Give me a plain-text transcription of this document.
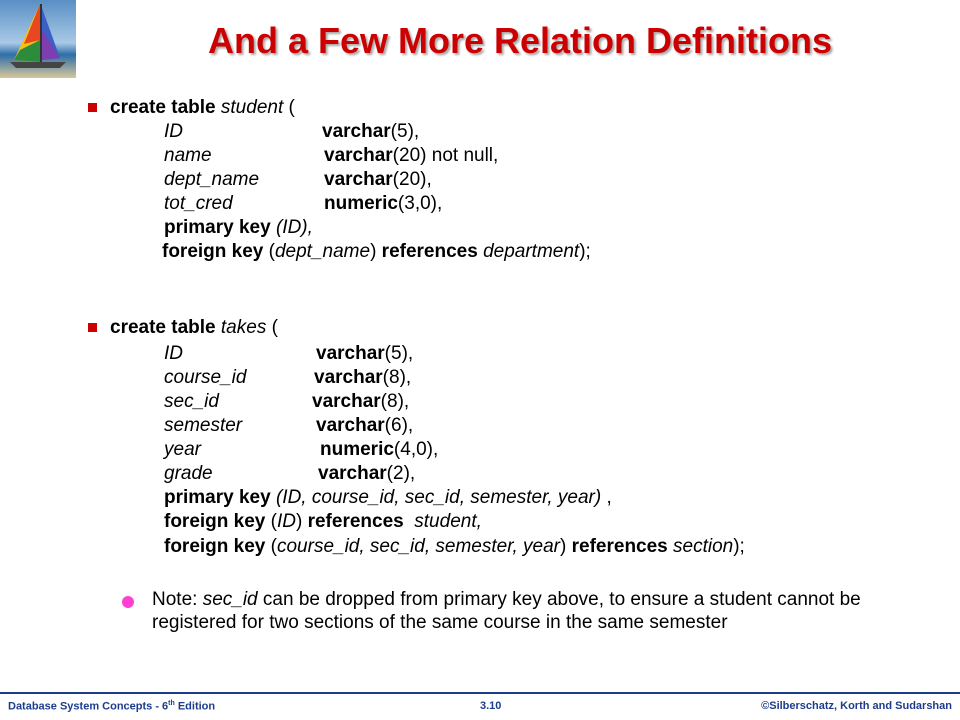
And a Few More Relation Definitions
create table student (
ID	varchar(5),
name	varchar(20) not null,
dept_name	varchar(20),
tot_cred	numeric(3,0),
primary key (ID),
foreign key (dept_name) references department);
create table takes (
ID	varchar(5),
course_id	varchar(8),
sec_id	varchar(8),
semester	varchar(6),
year	numeric(4,0),
grade	varchar(2),
primary key (ID, course_id, sec_id, semester, year) ,
foreign key (ID) references student,
foreign key (course_id, sec_id, semester, year) references section);
Note: sec_id can be dropped from primary key above, to ensure a student cannot be registered for two sections of the same course in the same semester
Database System Concepts - 6th Edition	3.10	©Silberschatz, Korth and Sudarshan
